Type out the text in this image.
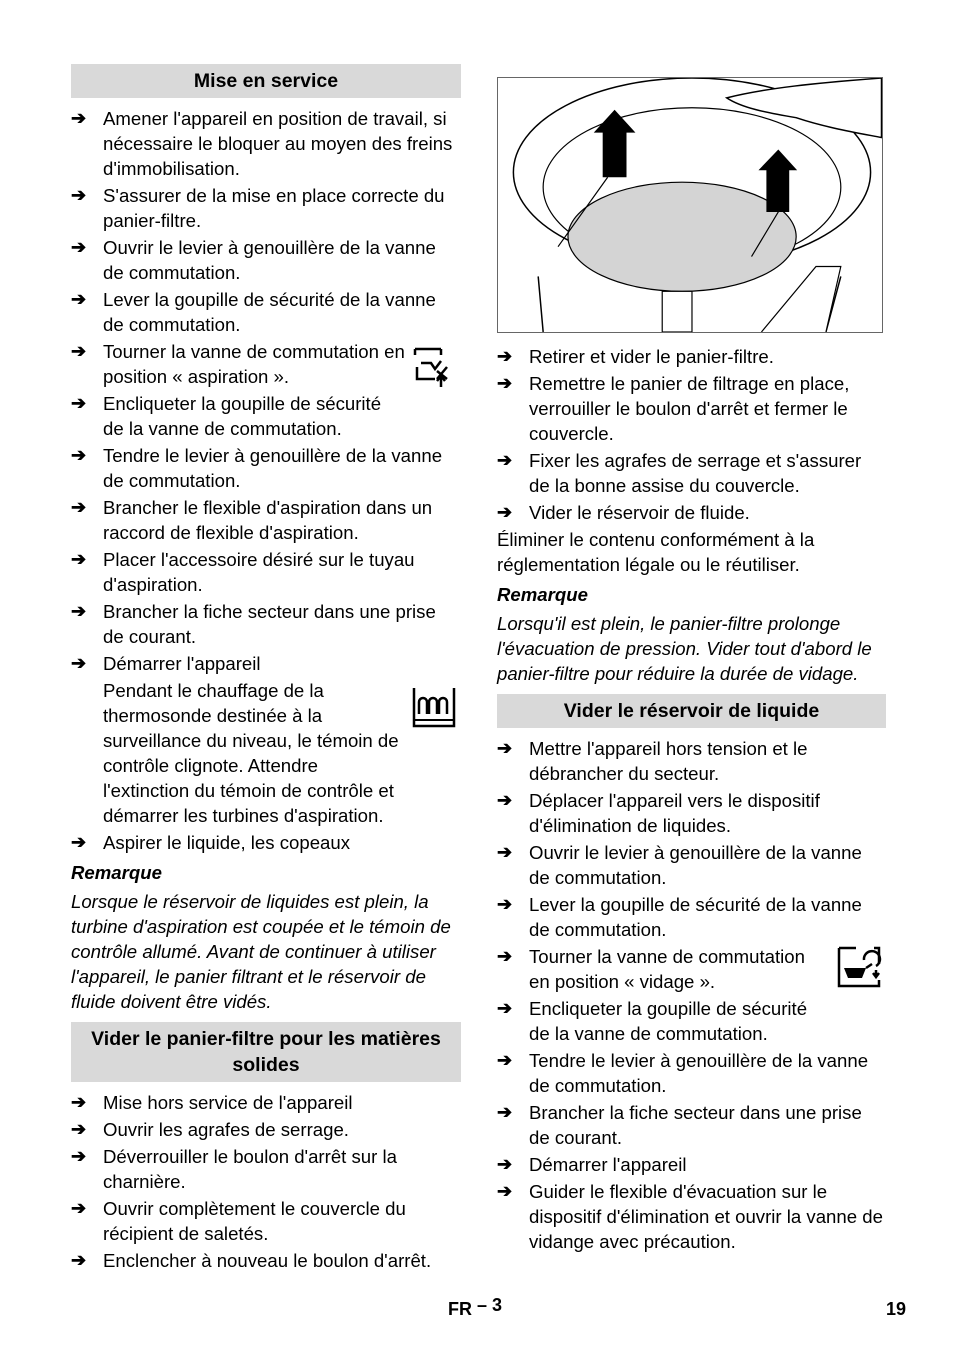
Mise en service
➔ Amener l'appareil en position de travail, si nécessaire le bloquer au moyen des freins d'immobilisation.
➔ S'assurer de la mise en place correcte du panier-filtre.
➔ Ouvrir le levier à genouillère de la vanne de commutation.
➔ Lever la goupille de sécurité de la vanne de commutation.
➔ Tourner la vanne de commutation en position « aspiration ».
➔ Encliqueter la goupille de sécurité de la vanne de commutation.
➔ Tendre le levier à genouillère de la vanne de commutation.
➔ Brancher le flexible d'aspiration dans un raccord de flexible d'aspiration.
➔ Placer l'accessoire désiré sur le tuyau d'aspiration.
➔ Brancher la fiche secteur dans une prise de courant.
➔ Démarrer l'appareil
Pendant le chauffage de la thermosonde destinée à la surveillance du niveau, le témoin de contrôle clignote. Attendre l'extinction du témoin de contrôle et démarrer les turbines d'aspiration.
➔ Aspirer le liquide, les copeaux
Remarque
Lorsque le réservoir de liquides est plein, la turbine d'aspiration est coupée et le témoin de contrôle allumé. Avant de continuer à utiliser l'appareil, le panier filtrant et le réservoir de fluide doivent être vidés.
Vider le panier-filtre pour les matières solides
➔ Mise hors service de l'appareil
➔ Ouvrir les agrafes de serrage.
➔ Déverrouiller le boulon d'arrêt sur la charnière.
➔ Ouvrir complètement le couvercle du récipient de saletés.
➔ Enclencher à nouveau le boulon d'arrêt.
➔ Retirer et vider le panier-filtre.
➔ Remettre le panier de filtrage en place, verrouiller le boulon d'arrêt et fermer le couvercle.
➔ Fixer les agrafes de serrage et s'assurer de la bonne assise du couvercle.
➔ Vider le réservoir de fluide.
Éliminer le contenu conformément à la réglementation légale ou le réutiliser.
Remarque
Lorsqu'il est plein, le panier-filtre prolonge l'évacuation de pression. Vider tout d'abord le panier-filtre pour réduire la durée de vidage.
Vider le réservoir de liquide
➔ Mettre l'appareil hors tension et le débrancher du secteur.
➔ Déplacer l'appareil vers le dispositif d'élimination de liquides.
➔ Ouvrir le levier à genouillère de la vanne de commutation.
➔ Lever la goupille de sécurité de la vanne de commutation.
➔ Tourner la vanne de commutation en position « vidage ».
➔ Encliqueter la goupille de sécurité de la vanne de commutation.
➔ Tendre le levier à genouillère de la vanne de commutation.
➔ Brancher la fiche secteur dans une prise de courant.
➔ Démarrer l'appareil
➔ Guider le flexible d'évacuation sur le dispositif d'élimination et ouvrir la vanne de vidange avec précaution.
FR – 3	19
